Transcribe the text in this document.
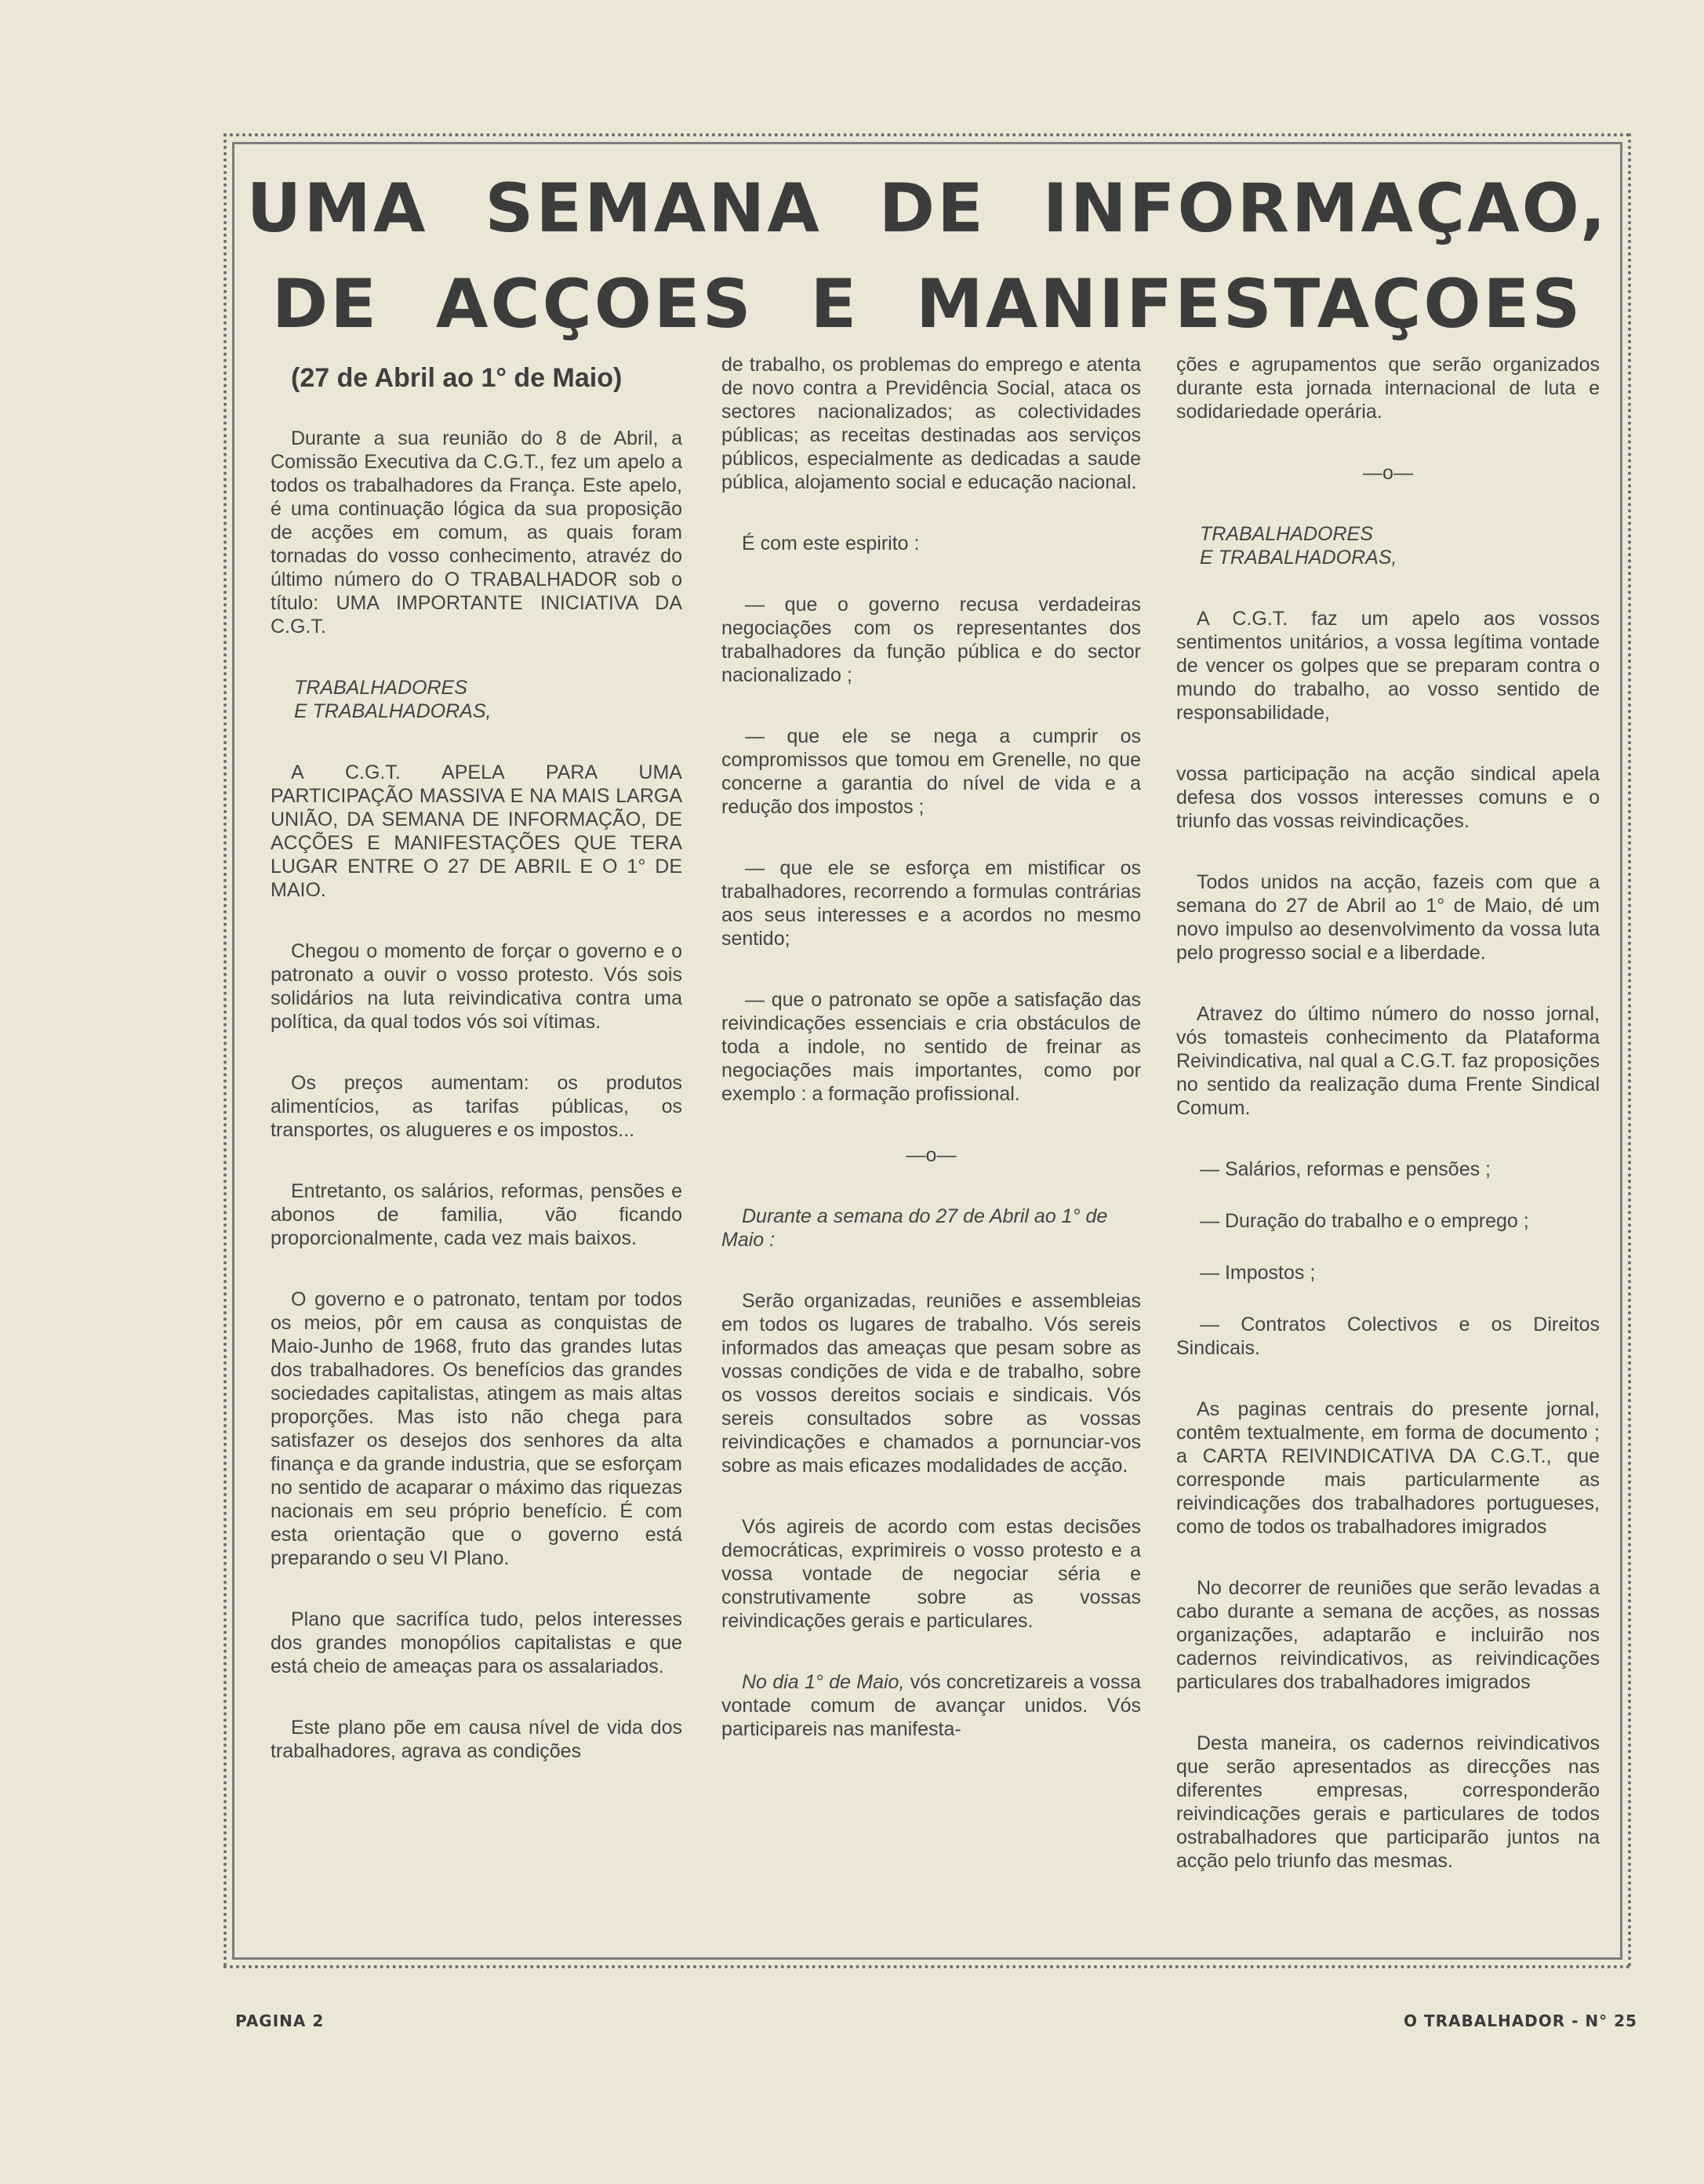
UMA SEMANA DE INFORMAÇAO,
DE ACÇOES E MANIFESTAÇOES
(27 de Abril ao 1° de Maio)

Durante a sua reunião do 8 de Abril, a Comissão Executiva da C.G.T., fez um apelo a todos os trabalhadores da França. Este apelo, é uma continuação lógica da sua proposição de acções em comum, as quais foram tornadas do vosso conhecimento, atravéz do último número do O TRABALHADOR sob o título: UMA IMPORTANTE INICIATIVA DA C.G.T.

TRABALHADORES
E TRABALHADORAS,

A C.G.T. APELA PARA UMA PARTICIPAÇÃO MASSIVA E NA MAIS LARGA UNIÃO, DA SEMANA DE INFORMAÇÃO, DE ACÇÕES E MANIFESTAÇÕES QUE TERA LUGAR ENTRE O 27 DE ABRIL E O 1° DE MAIO.

Chegou o momento de forçar o governo e o patronato a ouvir o vosso protesto. Vós sois solidários na luta reivindicativa contra uma política, da qual todos vós soi vítimas.

Os preços aumentam: os produtos alimentícios, as tarifas públicas, os transportes, os alugueres e os impostos...

Entretanto, os salários, reformas, pensões e abonos de familia, vão ficando proporcionalmente, cada vez mais baixos.

O governo e o patronato, tentam por todos os meios, pôr em causa as conquistas de Maio-Junho de 1968, fruto das grandes lutas dos trabalhadores. Os benefícios das grandes sociedades capitalistas, atingem as mais altas proporções. Mas isto não chega para satisfazer os desejos dos senhores da alta finança e da grande industria, que se esforçam no sentido de acaparar o máximo das riquezas nacionais em seu próprio benefício. É com esta orientação que o governo está preparando o seu VI Plano.

Plano que sacrifíca tudo, pelos interesses dos grandes monopólios capitalistas e que está cheio de ameaças para os assalariados.

Este plano põe em causa nível de vida dos trabalhadores, agrava as condições

de trabalho, os problemas do emprego e atenta de novo contra a Previdência Social, ataca os sectores nacionalizados; as colectividades públicas; as receitas destinadas aos serviços públicos, especialmente as dedicadas a saude pública, alojamento social e educação nacional.

É com este espirito :

— que o governo recusa verdadeiras negociações com os representantes dos trabalhadores da função pública e do sector nacionalizado ;

— que ele se nega a cumprir os compromissos que tomou em Grenelle, no que concerne a garantia do nível de vida e a redução dos impostos ;

— que ele se esforça em mistificar os trabalhadores, recorrendo a formulas contrárias aos seus interesses e a acordos no mesmo sentido;

— que o patronato se opõe a satisfação das reivindicações essenciais e cria obstáculos de toda a indole, no sentido de freinar as negociações mais importantes, como por exemplo : a formação profissional.

—o—

Durante a semana do 27 de Abril ao 1° de Maio :

Serão organizadas, reuniões e assembleias em todos os lugares de trabalho. Vós sereis informados das ameaças que pesam sobre as vossas condições de vida e de trabalho, sobre os vossos dereitos sociais e sindicais. Vós sereis consultados sobre as vossas reivindicações e chamados a pornunciar-vos sobre as mais eficazes modalidades de acção.

Vós agireis de acordo com estas decisões democráticas, exprimireis o vosso protesto e a vossa vontade de negociar séria e construtivamente sobre as vossas reivindicações gerais e particulares.

No dia 1° de Maio, vós concretizareis a vossa vontade comum de avançar unidos. Vós participareis nas manifesta-

ções e agrupamentos que serão organizados durante esta jornada internacional de luta e sodidariedade operária.

—o—

TRABALHADORES
E TRABALHADORAS,

A C.G.T. faz um apelo aos vossos sentimentos unitários, a vossa legítima vontade de vencer os golpes que se preparam contra o mundo do trabalho, ao vosso sentido de responsabilidade,

vossa participação na acção sindical apela defesa dos vossos interesses comuns e o triunfo das vossas reivindicações.

Todos unidos na acção, fazeis com que a semana do 27 de Abril ao 1° de Maio, dé um novo impulso ao desenvolvimento da vossa luta pelo progresso social e a liberdade.

Atravez do último número do nosso jornal, vós tomasteis conhecimento da Plataforma Reivindicativa, nal qual a C.G.T. faz proposições no sentido da realização duma Frente Sindical Comum.

— Salários, reformas e pensões ;

— Duração do trabalho e o emprego ;

— Impostos ;

— Contratos Colectivos e os Direitos Sindicais.

As paginas centrais do presente jornal, contêm textualmente, em forma de documento ; a CARTA REIVINDICATIVA DA C.G.T., que corresponde mais particularmente as reivindicações dos trabalhadores portugueses, como de todos os trabalhadores imigrados

No decorrer de reuniões que serão levadas a cabo durante a semana de acções, as nossas organizações, adaptarão e incluirão nos cadernos reivindicativos, as reivindicações particulares dos trabalhadores imigrados

Desta maneira, os cadernos reivindicativos que serão apresentados as direcções nas diferentes empresas, corresponderão reivindicações gerais e particulares de todos ostrabalhadores que participarão juntos na acção pelo triunfo das mesmas.

PAGINA 2	O TRABALHADOR - N° 25
